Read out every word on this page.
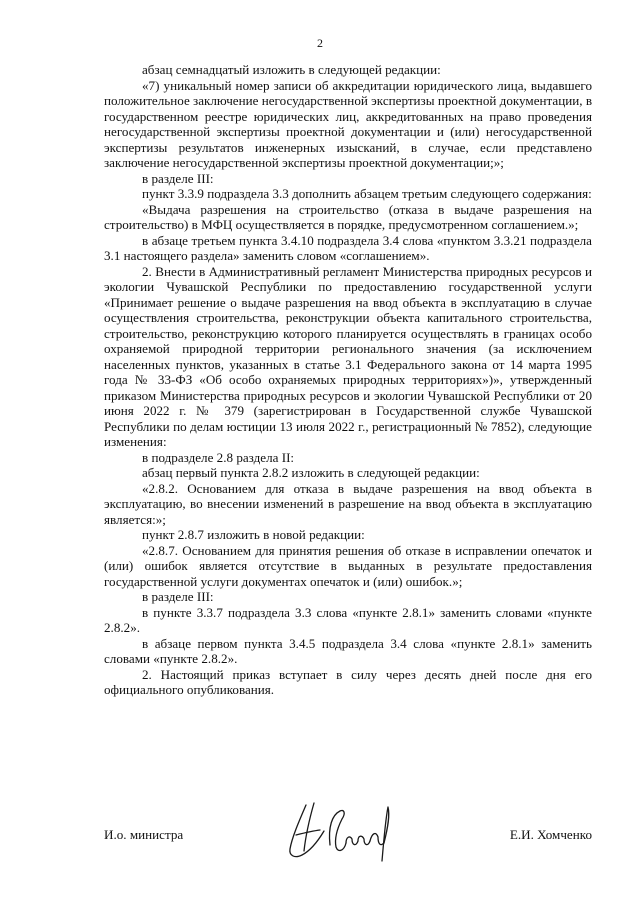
2

абзац семнадцатый изложить в следующей редакции:

«7) уникальный номер записи об аккредитации юридического лица, выдавшего положительное заключение негосударственной экспертизы проектной документации, в государственном реестре юридических лиц, аккредитованных на право проведения негосударственной экспертизы проектной документации и (или) негосударственной экспертизы результатов инженерных изысканий, в случае, если представлено заключение негосударственной экспертизы проектной документации;»;

в разделе III:

пункт 3.3.9 подраздела 3.3 дополнить абзацем третьим следующего содержания:

«Выдача разрешения на строительство (отказа в выдаче разрешения на строительство) в МФЦ осуществляется в порядке, предусмотренном соглашением.»;

в абзаце третьем пункта 3.4.10 подраздела 3.4 слова «пунктом 3.3.21 подраздела 3.1 настоящего раздела» заменить словом «соглашением».

2. Внести в Административный регламент Министерства природных ресурсов и экологии Чувашской Республики по предоставлению государственной услуги «Принимает решение о выдаче разрешения на ввод объекта в эксплуатацию в случае осуществления строительства, реконструкции объекта капитального строительства, строительство, реконструкцию которого планируется осуществлять в границах особо охраняемой природной территории регионального значения (за исключением населенных пунктов, указанных в статье 3.1 Федерального закона от 14 марта 1995 года № 33-ФЗ «Об особо охраняемых природных территориях»)», утвержденный приказом Министерства природных ресурсов и экологии Чувашской Республики от 20 июня 2022 г. № 379 (зарегистрирован в Государственной службе Чувашской Республики по делам юстиции 13 июля 2022 г., регистрационный № 7852), следующие изменения:

в подразделе 2.8 раздела II:

абзац первый пункта 2.8.2 изложить в следующей редакции:

«2.8.2. Основанием для отказа в выдаче разрешения на ввод объекта в эксплуатацию, во внесении изменений в разрешение на ввод объекта в эксплуатацию является:»;

пункт 2.8.7 изложить в новой редакции:

«2.8.7. Основанием для принятия решения об отказе в исправлении опечаток и (или) ошибок является отсутствие в выданных в результате предоставления государственной услуги документах опечаток и (или) ошибок.»;

в разделе III:

в пункте 3.3.7 подраздела 3.3 слова «пункте 2.8.1» заменить словами «пункте 2.8.2».

в абзаце первом пункта 3.4.5 подраздела 3.4 слова «пункте 2.8.1» заменить словами «пункте 2.8.2».

2. Настоящий приказ вступает в силу через десять дней после дня его официального опубликования.

И.о. министра	Е.И. Хомченко
